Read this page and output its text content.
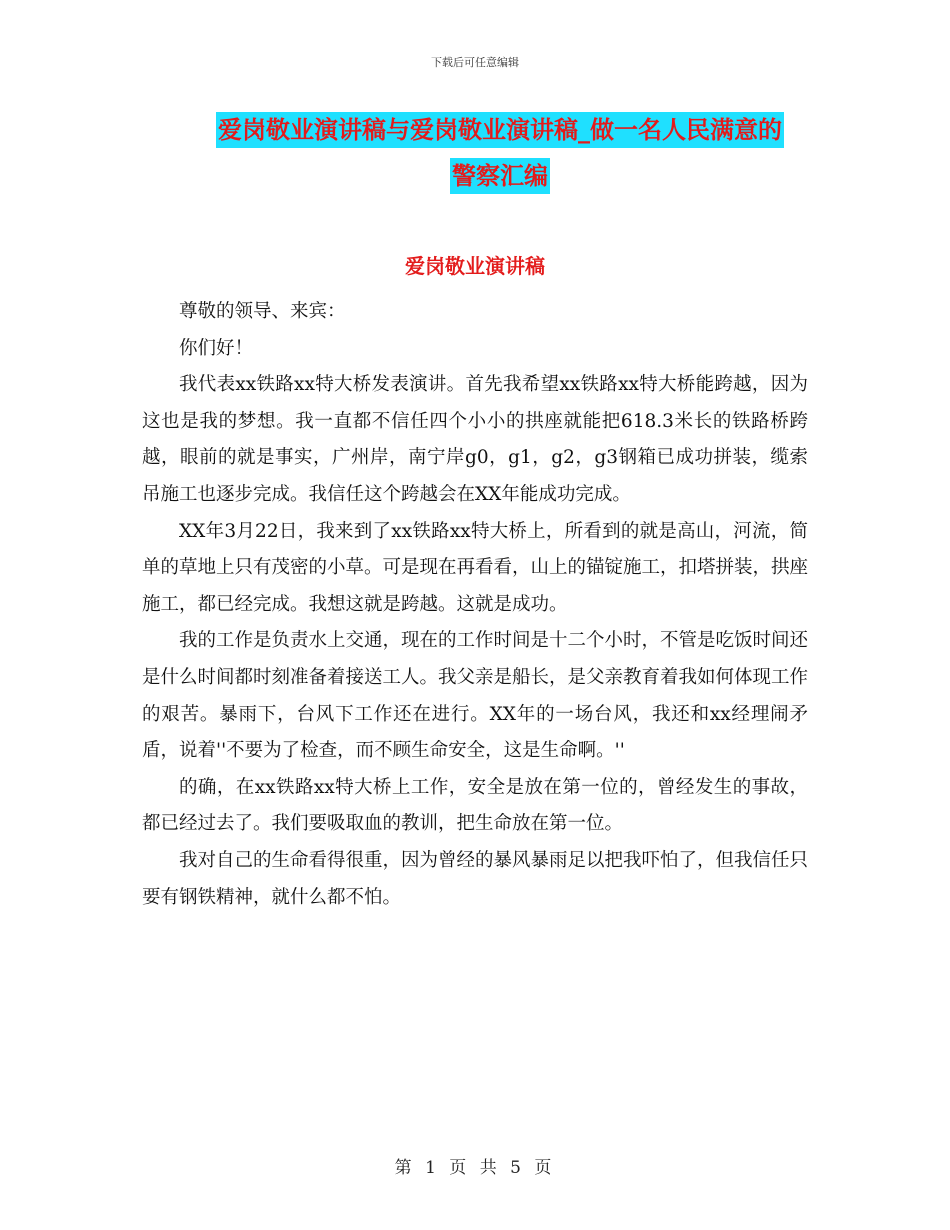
下载后可任意编辑
爱岗敬业演讲稿与爱岗敬业演讲稿_做一名人民满意的
警察汇编
爱岗敬业演讲稿

尊敬的领导、来宾：

你们好！

我代表xx铁路xx特大桥发表演讲。首先我希望xx铁路xx特大桥能跨越，因为这也是我的梦想。我一直都不信任四个小小的拱座就能把618.3米长的铁路桥跨越，眼前的就是事实，广州岸，南宁岸g0，g1，g2，g3钢箱已成功拼装，缆索吊施工也逐步完成。我信任这个跨越会在XX年能成功完成。

XX年3月22日，我来到了xx铁路xx特大桥上，所看到的就是高山，河流，简单的草地上只有茂密的小草。可是现在再看看，山上的锚锭施工，扣塔拼装，拱座施工，都已经完成。我想这就是跨越。这就是成功。

我的工作是负责水上交通，现在的工作时间是十二个小时，不管是吃饭时间还是什么时间都时刻准备着接送工人。我父亲是船长，是父亲教育着我如何体现工作的艰苦。暴雨下，台风下工作还在进行。XX年的一场台风，我还和xx经理闹矛盾，说着''不要为了检查，而不顾生命安全，这是生命啊。''

的确，在xx铁路xx特大桥上工作，安全是放在第一位的，曾经发生的事故，都已经过去了。我们要吸取血的教训，把生命放在第一位。

我对自己的生命看得很重，因为曾经的暴风暴雨足以把我吓怕了，但我信任只要有钢铁精神，就什么都不怕。

第 1 页 共 5 页
